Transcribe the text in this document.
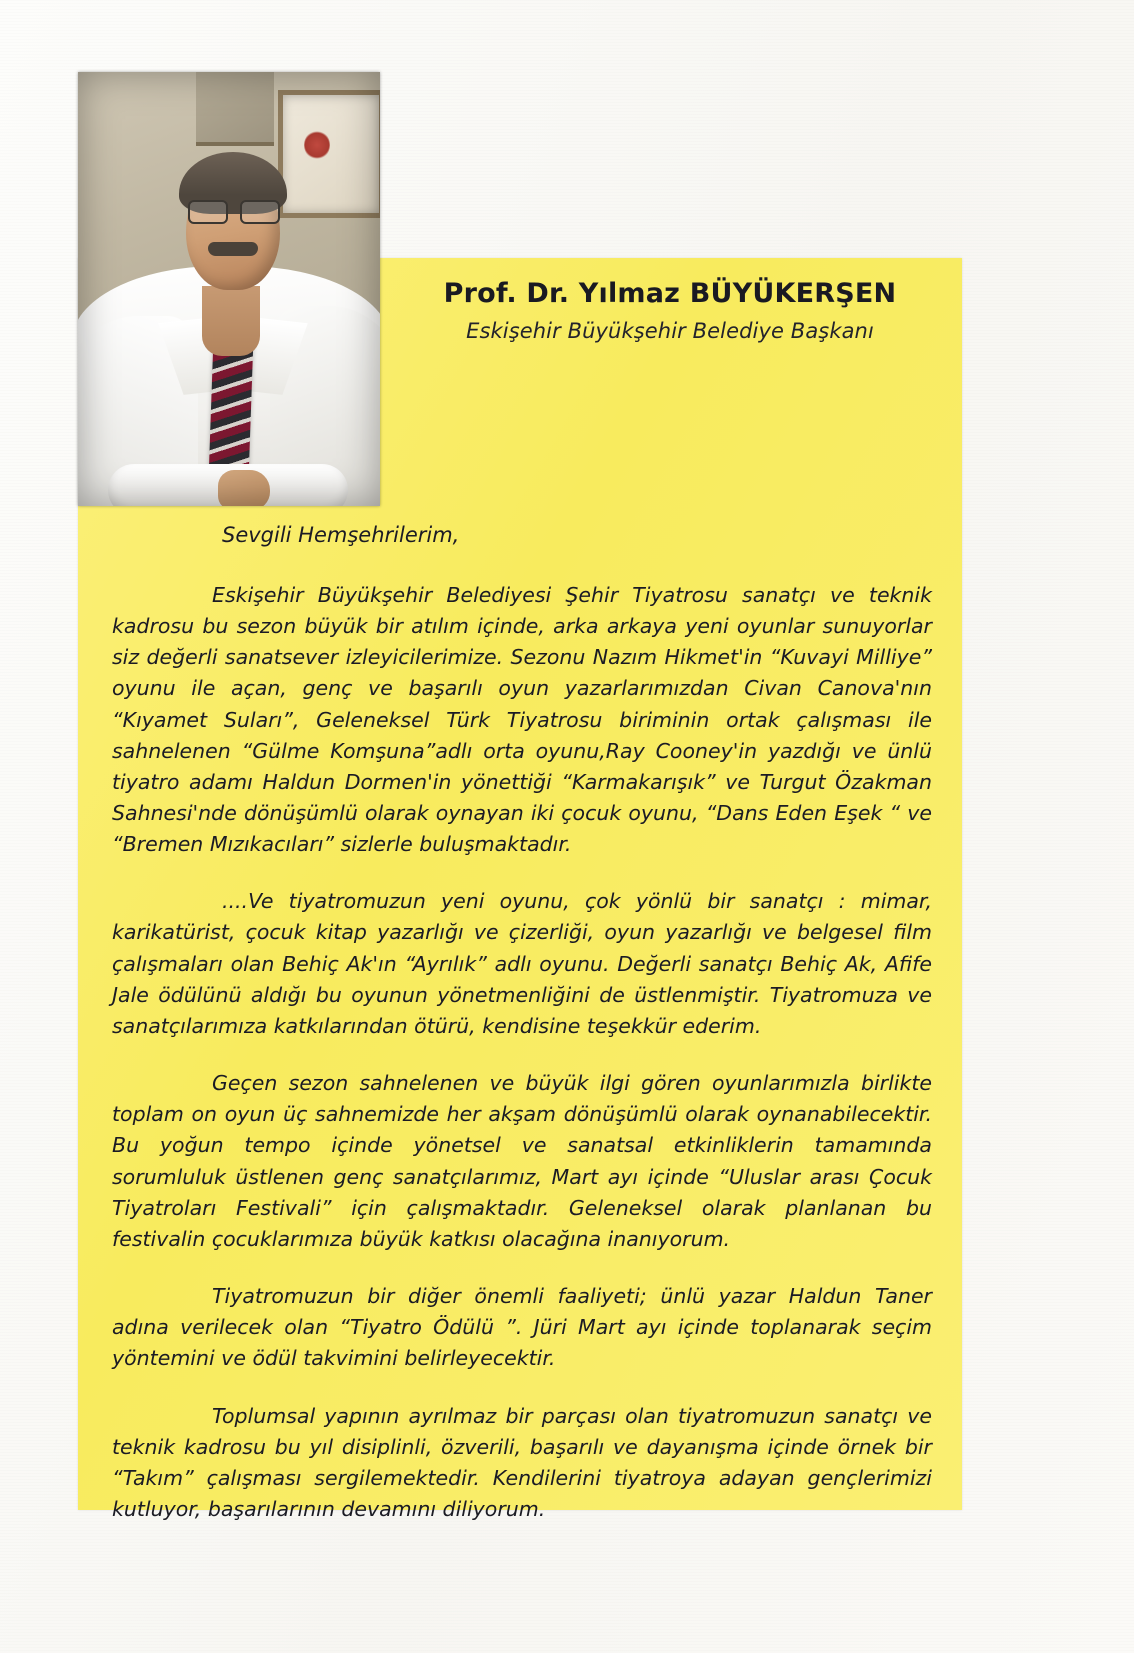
Prof. Dr. Yılmaz BÜYÜKERŞEN
Eskişehir Büyükşehir Belediye Başkanı

Sevgili Hemşehrilerim,

Eskişehir Büyükşehir Belediyesi Şehir Tiyatrosu sanatçı ve teknik kadrosu bu sezon büyük bir atılım içinde, arka arkaya yeni oyunlar sunuyorlar siz değerli sanatsever izleyicilerimize. Sezonu Nazım Hikmet'in “Kuvayi Milliye” oyunu ile açan, genç ve başarılı oyun yazarlarımızdan Civan Canova'nın “Kıyamet Suları”, Geleneksel Türk Tiyatrosu biriminin ortak çalışması ile sahnelenen “Gülme Komşuna”adlı orta oyunu,Ray Cooney'in yazdığı ve ünlü tiyatro adamı Haldun Dormen'in yönettiği “Karmakarışık” ve Turgut Özakman Sahnesi'nde dönüşümlü olarak oynayan iki çocuk oyunu, “Dans Eden Eşek “ ve “Bremen Mızıkacıları” sizlerle buluşmaktadır.

....Ve tiyatromuzun yeni oyunu, çok yönlü bir sanatçı : mimar, karikatürist, çocuk kitap yazarlığı ve çizerliği, oyun yazarlığı ve belgesel film çalışmaları olan Behiç Ak'ın “Ayrılık” adlı oyunu. Değerli sanatçı Behiç Ak, Afife Jale ödülünü aldığı bu oyunun yönetmenliğini de üstlenmiştir. Tiyatromuza ve sanatçılarımıza katkılarından ötürü, kendisine teşekkür ederim.

Geçen sezon sahnelenen ve büyük ilgi gören oyunlarımızla birlikte toplam on oyun üç sahnemizde her akşam dönüşümlü olarak oynanabilecektir. Bu yoğun tempo içinde yönetsel ve sanatsal etkinliklerin tamamında sorumluluk üstlenen genç sanatçılarımız, Mart ayı içinde “Uluslar arası Çocuk Tiyatroları Festivali” için çalışmaktadır. Geleneksel olarak planlanan bu festivalin çocuklarımıza büyük katkısı olacağına inanıyorum.

Tiyatromuzun bir diğer önemli faaliyeti; ünlü yazar Haldun Taner adına verilecek olan “Tiyatro Ödülü ”. Jüri Mart ayı içinde toplanarak seçim yöntemini ve ödül takvimini belirleyecektir.

Toplumsal yapının ayrılmaz bir parçası olan tiyatromuzun sanatçı ve teknik kadrosu bu yıl disiplinli, özverili, başarılı ve dayanışma içinde örnek bir “Takım” çalışması sergilemektedir. Kendilerini tiyatroya adayan gençlerimizi kutluyor, başarılarının devamını diliyorum.
